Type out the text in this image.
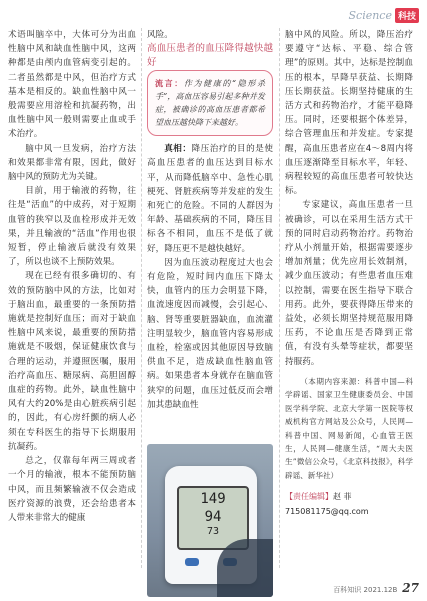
Science 科技

术语叫脑卒中，大体可分为出血性脑中风和缺血性脑中风，这两种都是由颅内血管病变引起的。二者虽然都是中风，但治疗方式基本是相反的。缺血性脑中风一般需要应用溶栓和抗凝药物，出血性脑中风一般则需要止血或手术治疗。

脑中风一旦发病，治疗方法和效果都非常有限，因此，做好脑中风的预防尤为关键。

目前，用于输液的药物，往往是“活血”的中成药，对于短期血管的狭窄以及血栓形成并无效果，并且输液的“活血”作用也很短暂，停止输液后就没有效果了，所以也谈不上预防效果。

现在已经有很多确切的、有效的预防脑中风的方法，比如对于脑出血，最重要的一条预防措施就是控制好血压；而对于缺血性脑中风来说，最重要的预防措施就是不吸烟，保证健康饮食与合理的运动，并遵照医嘱，服用治疗高血压、糖尿病、高胆固醇血症的药物。此外，缺血性脑中风有大约20%是由心脏疾病引起的，因此，有心房纤颤的病人必须在专科医生的指导下长期服用抗凝药。

总之，仅靠每年两三周或者一个月的输液，根本不能预防脑中风，而且频繁输液不仅会造成医疗资源的浪费，还会给患者本人带来非常大的健康

风险。

高血压患者的血压降得越快越好

流言：作为健康的“隐形杀手”，高血压容易引起多种并发症，被确诊的高血压患者都希望血压越快降下来越好。

真相：降压治疗的目的是使高血压患者的血压达到目标水平，从而降低脑卒中、急性心肌梗死、肾脏疾病等并发症的发生和死亡的危险。不同的人群因为年龄、基础疾病的不同，降压目标各不相同，血压不是低了就好，降压更不是越快越好。

因为血压波动程度过大也会有危险，短时间内血压下降太快，血管内的压力会明显下降，血流速度因而减慢，会引起心、脑、肾等重要脏器缺血，血流灌注明显较少，脑血管内容易形成血栓，栓塞或因其他原因导致脑供血不足，造成缺血性脑血管病。如果患者本身就存在脑血管狭窄的问题，血压过低反而会增加其患缺血性

149
94
73

脑中风的风险。所以，降压治疗要遵守“达标、平稳、综合管理”的原则。其中，达标是控制血压的根本，早降早获益、长期降压长期获益。长期坚持健康的生活方式和药物治疗，才能平稳降压。同时，还要根据个体差异，综合管理血压和并发症。专家提醒，高血压患者应在4～8周内将血压逐渐降至目标水平，年轻、病程较短的高血压患者可较快达标。

专家建议，高血压患者一旦被确诊，可以在采用生活方式干预的同时启动药物治疗。药物治疗从小剂量开始，根据需要逐步增加剂量；优先应用长效制剂，减少血压波动；有些患者血压难以控制，需要在医生指导下联合用药。此外，要获得降压带来的益处，必须长期坚持规范服用降压药，不论血压是否降到正常值，有没有头晕等症状，都要坚持服药。

（本期内容来源：科普中国—科学辟谣、国家卫生健康委员会、中国医学科学院、北京大学第一医院等权威机构官方网站及公众号，人民网—科普中国、网易新闻，心血管王医生，人民网—健康生活，“周大夫医生”微信公众号，《北京科技报》，科学辟谣、新华社）

【责任编辑】赵 菲
715081175@qq.com
百科知识 2021.12B 27
